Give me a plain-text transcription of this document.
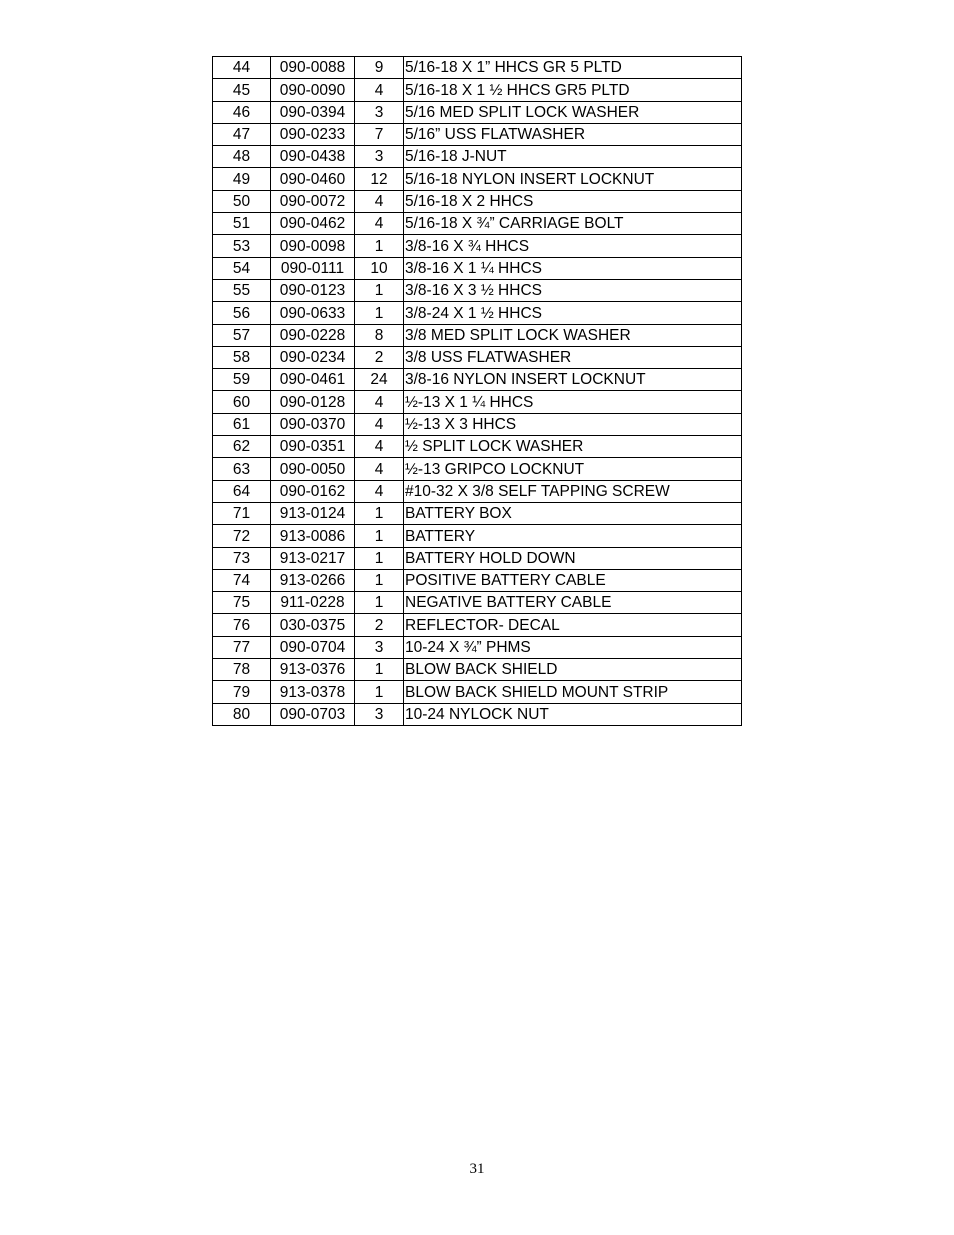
44	090-0088	9	5/16-18 X 1” HHCS GR 5 PLTD
45	090-0090	4	5/16-18 X 1 ½ HHCS GR5 PLTD
46	090-0394	3	5/16 MED SPLIT LOCK WASHER
47	090-0233	7	5/16” USS FLATWASHER
48	090-0438	3	5/16-18 J-NUT
49	090-0460	12	5/16-18 NYLON INSERT LOCKNUT
50	090-0072	4	5/16-18 X 2 HHCS
51	090-0462	4	5/16-18 X ¾” CARRIAGE BOLT
53	090-0098	1	3/8-16 X ¾ HHCS
54	090-0111	10	3/8-16 X 1 ¼ HHCS
55	090-0123	1	3/8-16 X 3 ½ HHCS
56	090-0633	1	3/8-24 X 1 ½ HHCS
57	090-0228	8	3/8 MED SPLIT LOCK WASHER
58	090-0234	2	3/8 USS FLATWASHER
59	090-0461	24	3/8-16 NYLON INSERT LOCKNUT
60	090-0128	4	½-13 X 1 ¼ HHCS
61	090-0370	4	½-13 X 3 HHCS
62	090-0351	4	½ SPLIT LOCK WASHER
63	090-0050	4	½-13 GRIPCO LOCKNUT
64	090-0162	4	#10-32 X 3/8 SELF TAPPING SCREW
71	913-0124	1	BATTERY BOX
72	913-0086	1	BATTERY
73	913-0217	1	BATTERY HOLD DOWN
74	913-0266	1	POSITIVE BATTERY CABLE
75	911-0228	1	NEGATIVE BATTERY CABLE
76	030-0375	2	REFLECTOR- DECAL
77	090-0704	3	10-24 X ¾” PHMS
78	913-0376	1	BLOW BACK SHIELD
79	913-0378	1	BLOW BACK SHIELD MOUNT STRIP
80	090-0703	3	10-24 NYLOCK NUT
31
